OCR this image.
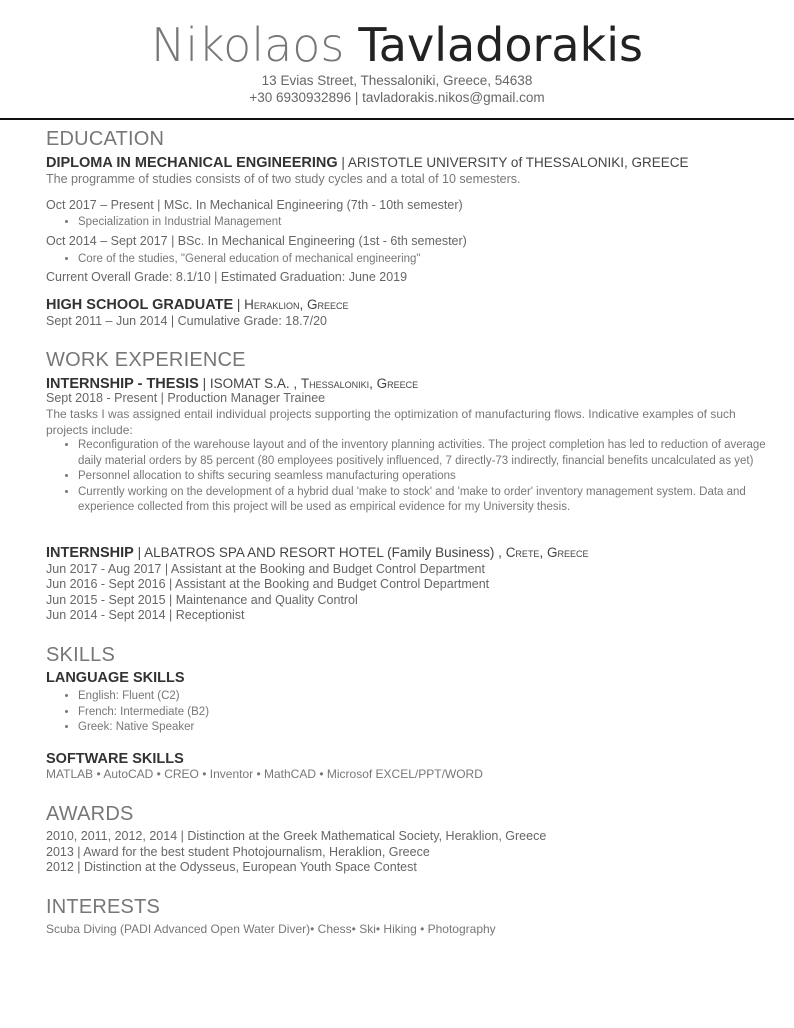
Nikolaos Tavladorakis
13 Evias Street, Thessaloniki, Greece, 54638
+30 6930932896 | tavladorakis.nikos@gmail.com
EDUCATION
DIPLOMA IN MECHANICAL ENGINEERING | ARISTOTLE UNIVERSITY of THESSALONIKI, GREECE
The programme of studies consists of of two study cycles and a total of 10 semesters.
Oct 2017 – Present | MSc. In Mechanical Engineering (7th - 10th semester)
• Specialization in Industrial Management
Oct 2014 – Sept 2017 | BSc. In Mechanical Engineering (1st - 6th semester)
• Core of the studies, "General education of mechanical engineering"
Current Overall Grade: 8.1/10 | Estimated Graduation: June 2019
HIGH SCHOOL GRADUATE | Heraklion, Greece
Sept 2011 – Jun 2014 | Cumulative Grade: 18.7/20
WORK EXPERIENCE
INTERNSHIP - THESIS | ISOMAT S.A. , Thessaloniki, Greece
Sept 2018 - Present | Production Manager Trainee
The tasks I was assigned entail individual projects supporting the optimization of manufacturing flows. Indicative examples of such projects include:
• Reconfiguration of the warehouse layout and of the inventory planning activities. The project completion has led to reduction of average daily material orders by 85 percent (80 employees positively influenced, 7 directly-73 indirectly, financial benefits uncalculated as yet)
• Personnel allocation to shifts securing seamless manufacturing operations
• Currently working on the development of a hybrid dual 'make to stock' and 'make to order' inventory management system. Data and experience collected from this project will be used as empirical evidence for my University thesis.
INTERNSHIP | ALBATROS SPA AND RESORT HOTEL (Family Business) , Crete, Greece
Jun 2017 - Aug 2017 | Assistant at the Booking and Budget Control Department
Jun 2016 - Sept 2016 | Assistant at the Booking and Budget Control Department
Jun 2015 - Sept 2015 | Maintenance and Quality Control
Jun 2014 - Sept 2014 | Receptionist
SKILLS
LANGUAGE SKILLS
• English: Fluent (C2)
• French: Intermediate (B2)
• Greek: Native Speaker
SOFTWARE SKILLS
MATLAB • AutoCAD • CREO • Inventor • MathCAD • Microsof EXCEL/PPT/WORD
AWARDS
2010, 2011, 2012, 2014 | Distinction at the Greek Mathematical Society, Heraklion, Greece
2013 | Award for the best student Photojournalism, Heraklion, Greece
2012 | Distinction at the Odysseus, European Youth Space Contest
INTERESTS
Scuba Diving (PADI Advanced Open Water Diver)• Chess• Ski• Hiking • Photography
